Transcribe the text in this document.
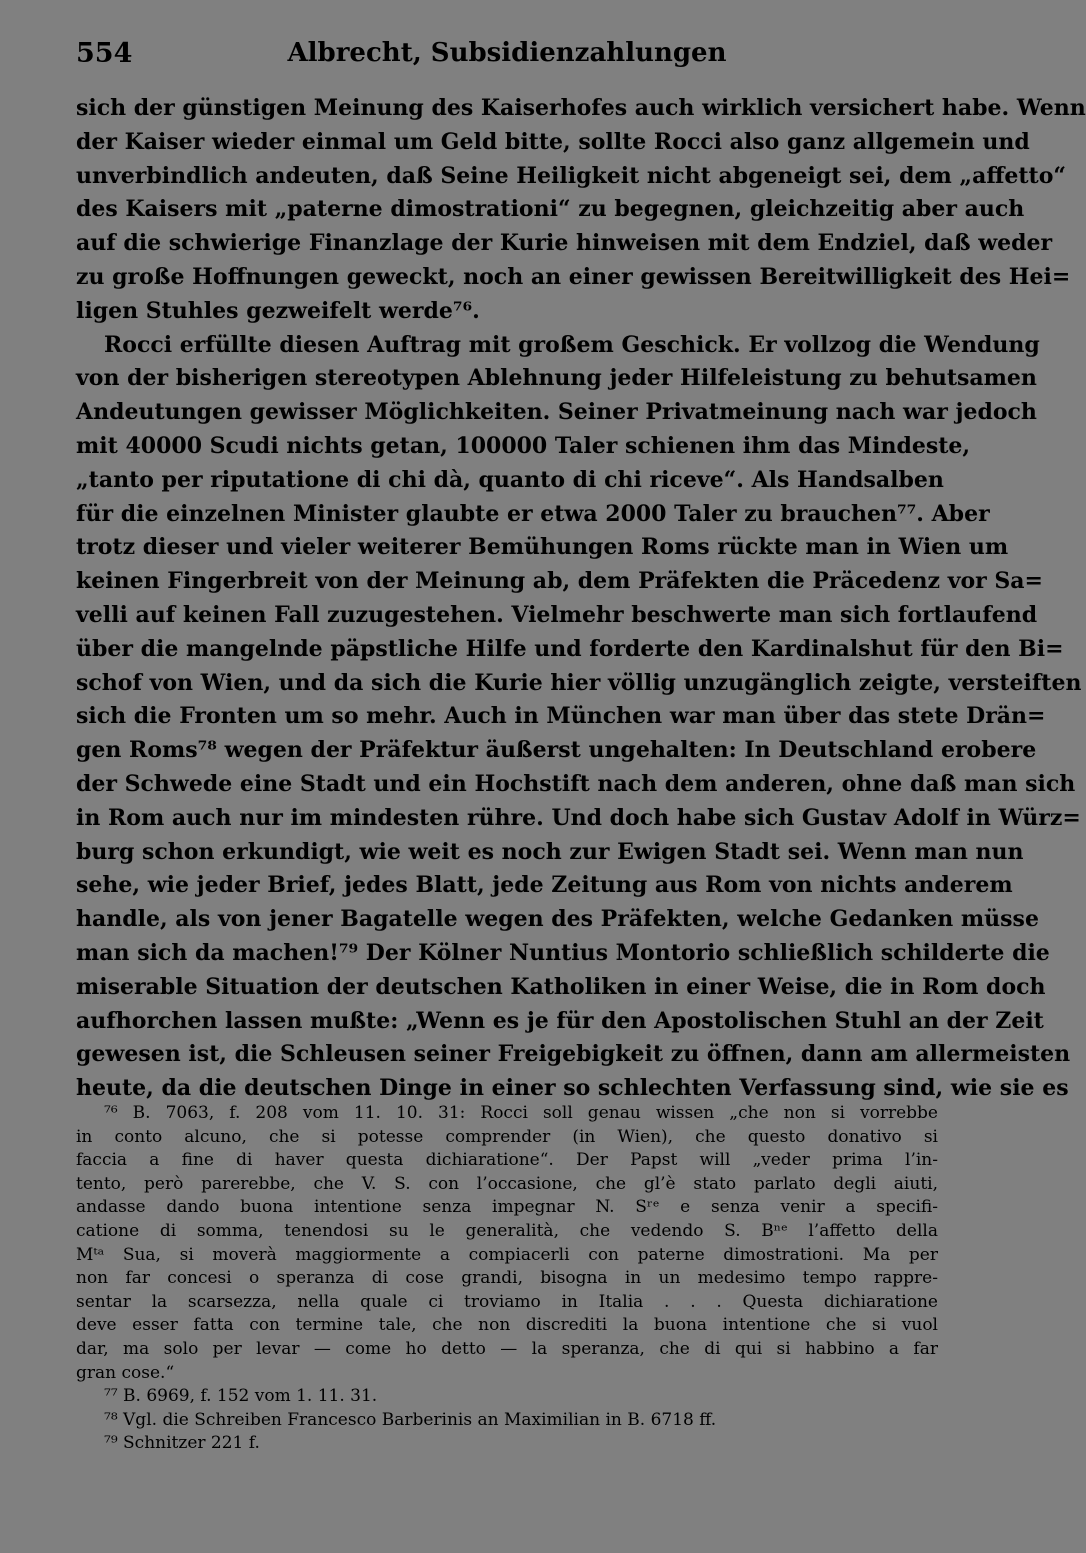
554	Albrecht, Subsidienzahlungen
sich der günstigen Meinung des Kaiserhofes auch wirklich versichert habe. Wenn
der Kaiser wieder einmal um Geld bitte, sollte Rocci also ganz allgemein und
unverbindlich andeuten, daß Seine Heiligkeit nicht abgeneigt sei, dem „affetto“
des Kaisers mit „paterne dimostrationi“ zu begegnen, gleichzeitig aber auch
auf die schwierige Finanzlage der Kurie hinweisen mit dem Endziel, daß weder
zu große Hoffnungen geweckt, noch an einer gewissen Bereitwilligkeit des Hei=
ligen Stuhles gezweifelt werde⁷⁶.
Rocci erfüllte diesen Auftrag mit großem Geschick. Er vollzog die Wendung
von der bisherigen stereotypen Ablehnung jeder Hilfeleistung zu behutsamen
Andeutungen gewisser Möglichkeiten. Seiner Privatmeinung nach war jedoch
mit 40000 Scudi nichts getan, 100000 Taler schienen ihm das Mindeste,
„tanto per riputatione di chi dà, quanto di chi riceve“. Als Handsalben
für die einzelnen Minister glaubte er etwa 2000 Taler zu brauchen⁷⁷. Aber
trotz dieser und vieler weiterer Bemühungen Roms rückte man in Wien um
keinen Fingerbreit von der Meinung ab, dem Präfekten die Präcedenz vor Sa=
velli auf keinen Fall zuzugestehen. Vielmehr beschwerte man sich fortlaufend
über die mangelnde päpstliche Hilfe und forderte den Kardinalshut für den Bi=
schof von Wien, und da sich die Kurie hier völlig unzugänglich zeigte, versteiften
sich die Fronten um so mehr. Auch in München war man über das stete Drän=
gen Roms⁷⁸ wegen der Präfektur äußerst ungehalten: In Deutschland erobere
der Schwede eine Stadt und ein Hochstift nach dem anderen, ohne daß man sich
in Rom auch nur im mindesten rühre. Und doch habe sich Gustav Adolf in Würz=
burg schon erkundigt, wie weit es noch zur Ewigen Stadt sei. Wenn man nun
sehe, wie jeder Brief, jedes Blatt, jede Zeitung aus Rom von nichts anderem
handle, als von jener Bagatelle wegen des Präfekten, welche Gedanken müsse
man sich da machen!⁷⁹ Der Kölner Nuntius Montorio schließlich schilderte die
miserable Situation der deutschen Katholiken in einer Weise, die in Rom doch
aufhorchen lassen mußte: „Wenn es je für den Apostolischen Stuhl an der Zeit
gewesen ist, die Schleusen seiner Freigebigkeit zu öffnen, dann am allermeisten
heute, da die deutschen Dinge in einer so schlechten Verfassung sind, wie sie es
⁷⁶ B. 7063, f. 208 vom 11. 10. 31: Rocci soll genau wissen „che non si vorrebbe
in conto alcuno, che si potesse comprender (in Wien), che questo donativo si
faccia a fine di haver questa dichiaratione“. Der Papst will „veder prima l’in-
tento, però parerebbe, che V. S. con l’occasione, che gl’è stato parlato degli aiuti,
andasse dando buona intentione senza impegnar N. Sʳᵉ e senza venir a specifi-
catione di somma, tenendosi su le generalità, che vedendo S. Bⁿᵉ l’affetto della
Mᵗᵃ Sua, si moverà maggiormente a compiacerli con paterne dimostrationi. Ma per
non far concesi o speranza di cose grandi, bisogna in un medesimo tempo rappre-
sentar la scarsezza, nella quale ci troviamo in Italia . . . Questa dichiaratione
deve esser fatta con termine tale, che non discrediti la buona intentione che si vuol
dar, ma solo per levar — come ho detto — la speranza, che di qui si habbino a far
gran cose.“
⁷⁷ B. 6969, f. 152 vom 1. 11. 31.
⁷⁸ Vgl. die Schreiben Francesco Barberinis an Maximilian in B. 6718 ff.
⁷⁹ Schnitzer 221 f.
